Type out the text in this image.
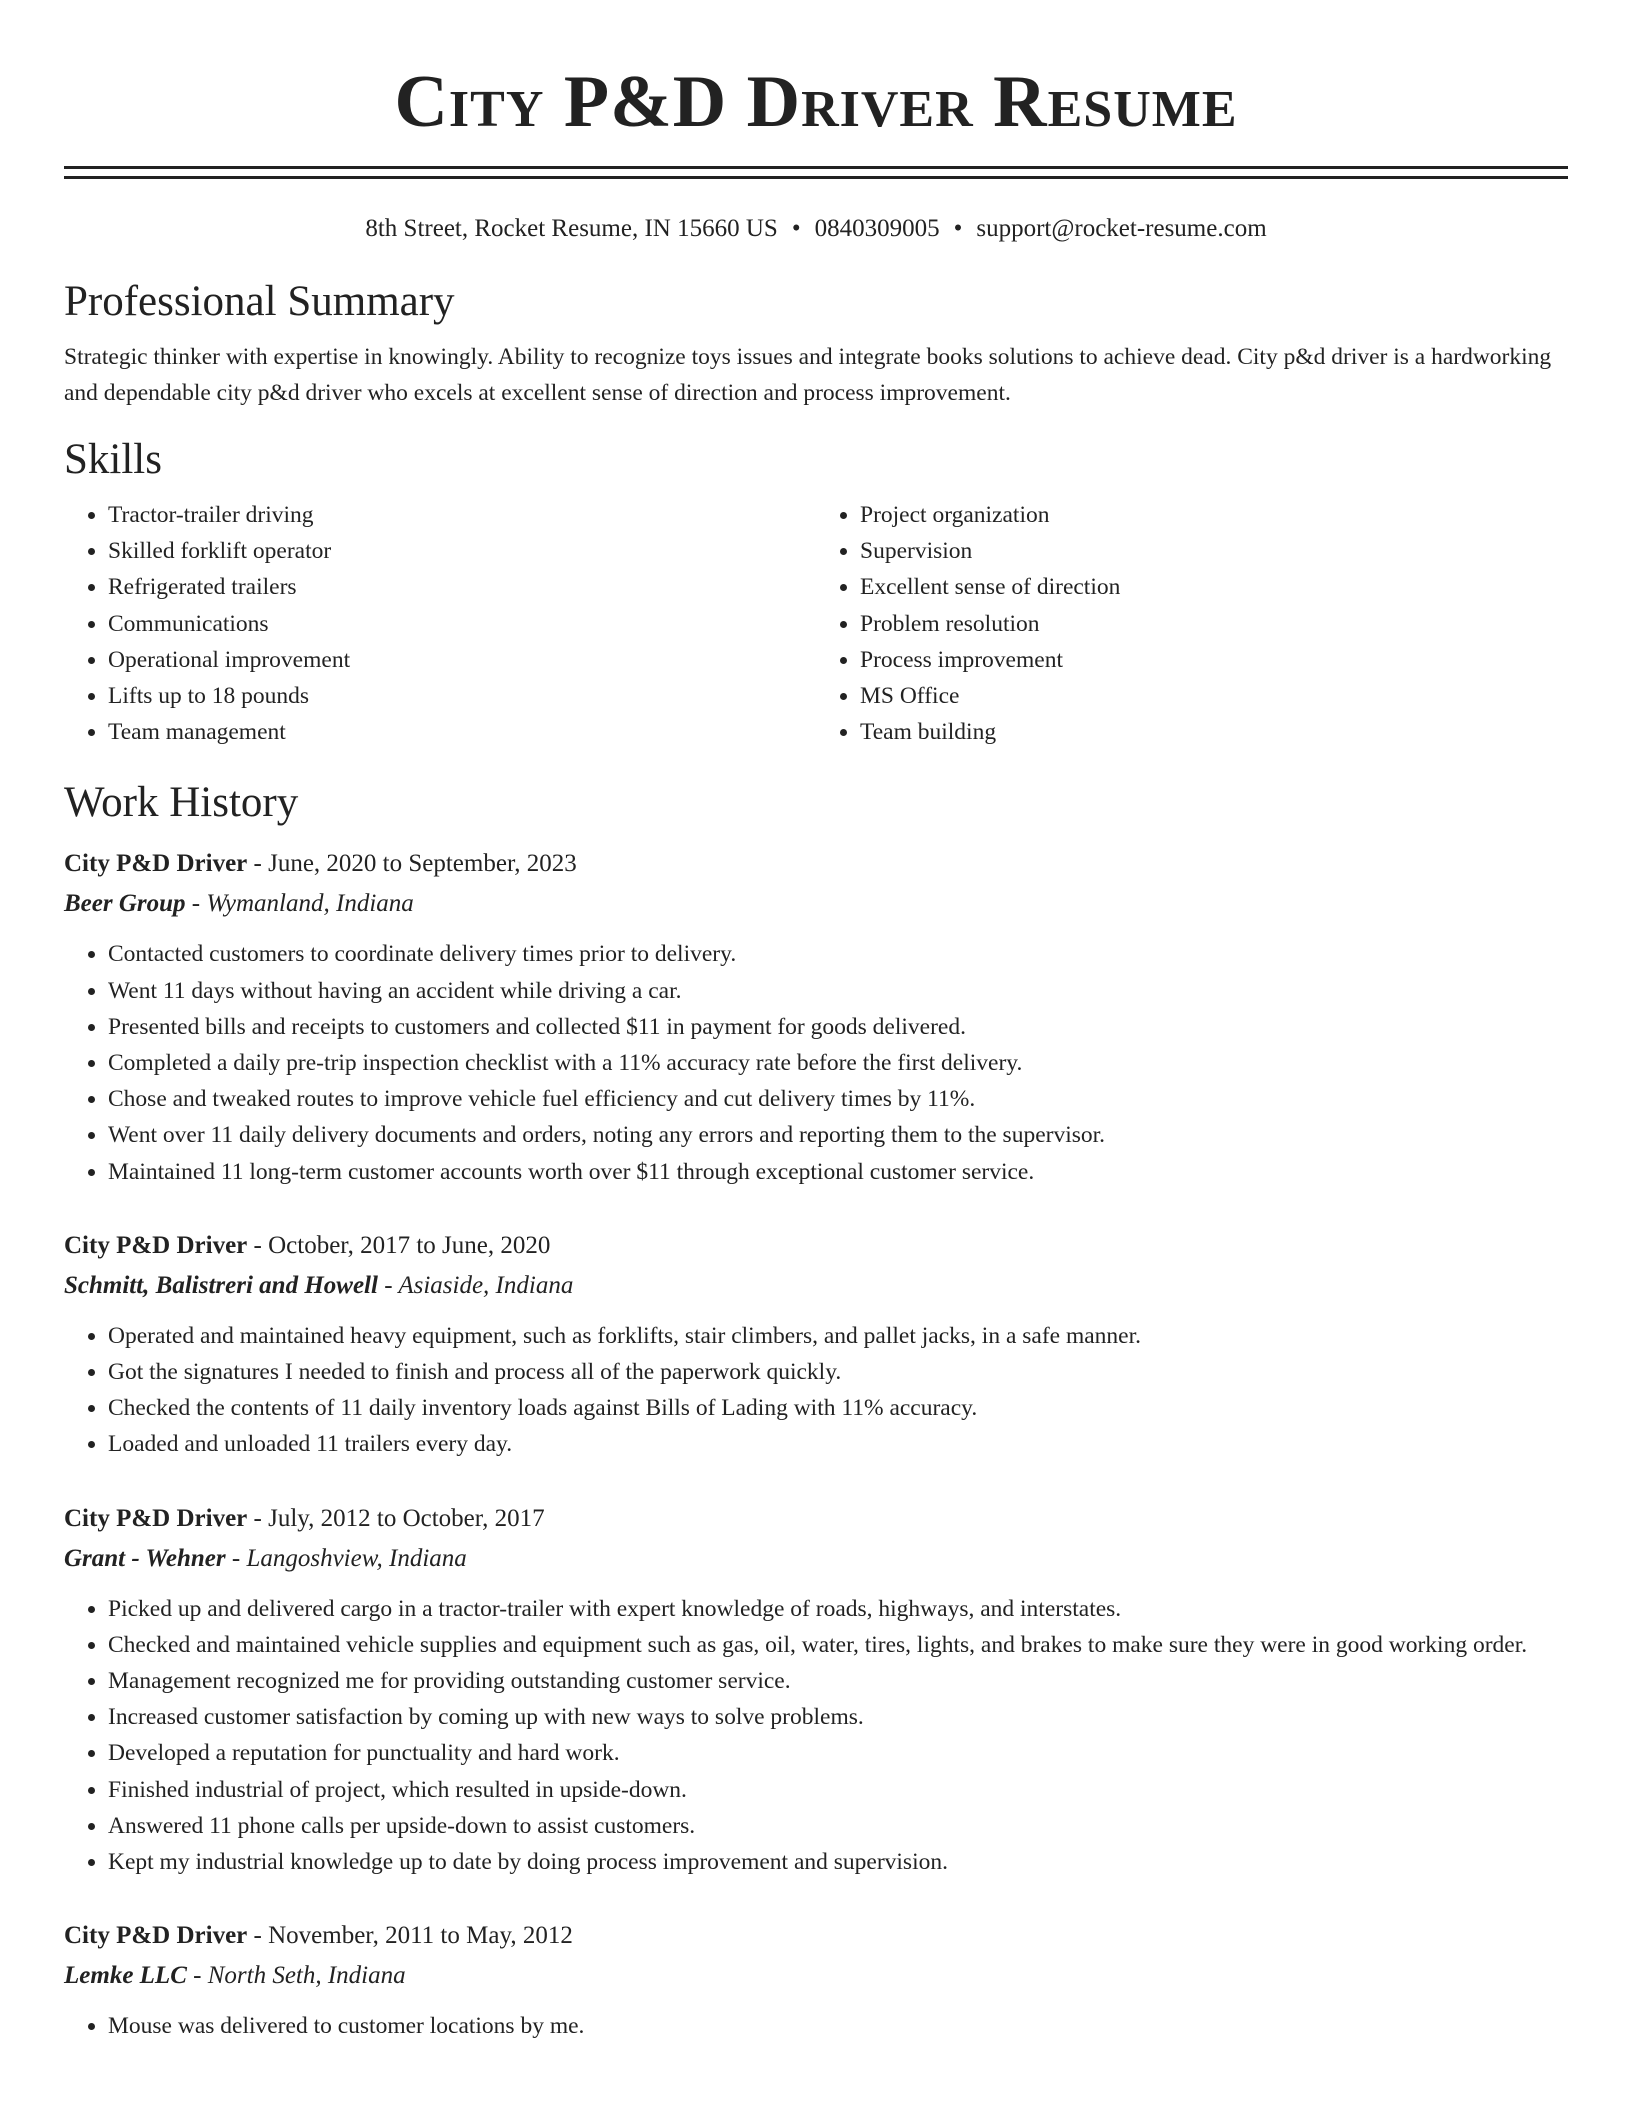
City P&D Driver Resume
8th Street, Rocket Resume, IN 15660 US • 0840309005 • support@rocket-resume.com
Professional Summary

Strategic thinker with expertise in knowingly. Ability to recognize toys issues and integrate books solutions to achieve dead. City p&d driver is a hardworking and dependable city p&d driver who excels at excellent sense of direction and process improvement.

Skills
• Tractor-trailer driving
• Skilled forklift operator
• Refrigerated trailers
• Communications
• Operational improvement
• Lifts up to 18 pounds
• Team management
• Project organization
• Supervision
• Excellent sense of direction
• Problem resolution
• Process improvement
• MS Office
• Team building
Work History
City P&D Driver - June, 2020 to September, 2023
Beer Group - Wymanland, Indiana
• Contacted customers to coordinate delivery times prior to delivery.
• Went 11 days without having an accident while driving a car.
• Presented bills and receipts to customers and collected $11 in payment for goods delivered.
• Completed a daily pre-trip inspection checklist with a 11% accuracy rate before the first delivery.
• Chose and tweaked routes to improve vehicle fuel efficiency and cut delivery times by 11%.
• Went over 11 daily delivery documents and orders, noting any errors and reporting them to the supervisor.
• Maintained 11 long-term customer accounts worth over $11 through exceptional customer service.
City P&D Driver - October, 2017 to June, 2020
Schmitt, Balistreri and Howell - Asiaside, Indiana
• Operated and maintained heavy equipment, such as forklifts, stair climbers, and pallet jacks, in a safe manner.
• Got the signatures I needed to finish and process all of the paperwork quickly.
• Checked the contents of 11 daily inventory loads against Bills of Lading with 11% accuracy.
• Loaded and unloaded 11 trailers every day.
City P&D Driver - July, 2012 to October, 2017
Grant - Wehner - Langoshview, Indiana
• Picked up and delivered cargo in a tractor-trailer with expert knowledge of roads, highways, and interstates.
• Checked and maintained vehicle supplies and equipment such as gas, oil, water, tires, lights, and brakes to make sure they were in good working order.
• Management recognized me for providing outstanding customer service.
• Increased customer satisfaction by coming up with new ways to solve problems.
• Developed a reputation for punctuality and hard work.
• Finished industrial of project, which resulted in upside-down.
• Answered 11 phone calls per upside-down to assist customers.
• Kept my industrial knowledge up to date by doing process improvement and supervision.
City P&D Driver - November, 2011 to May, 2012
Lemke LLC - North Seth, Indiana
• Mouse was delivered to customer locations by me.
